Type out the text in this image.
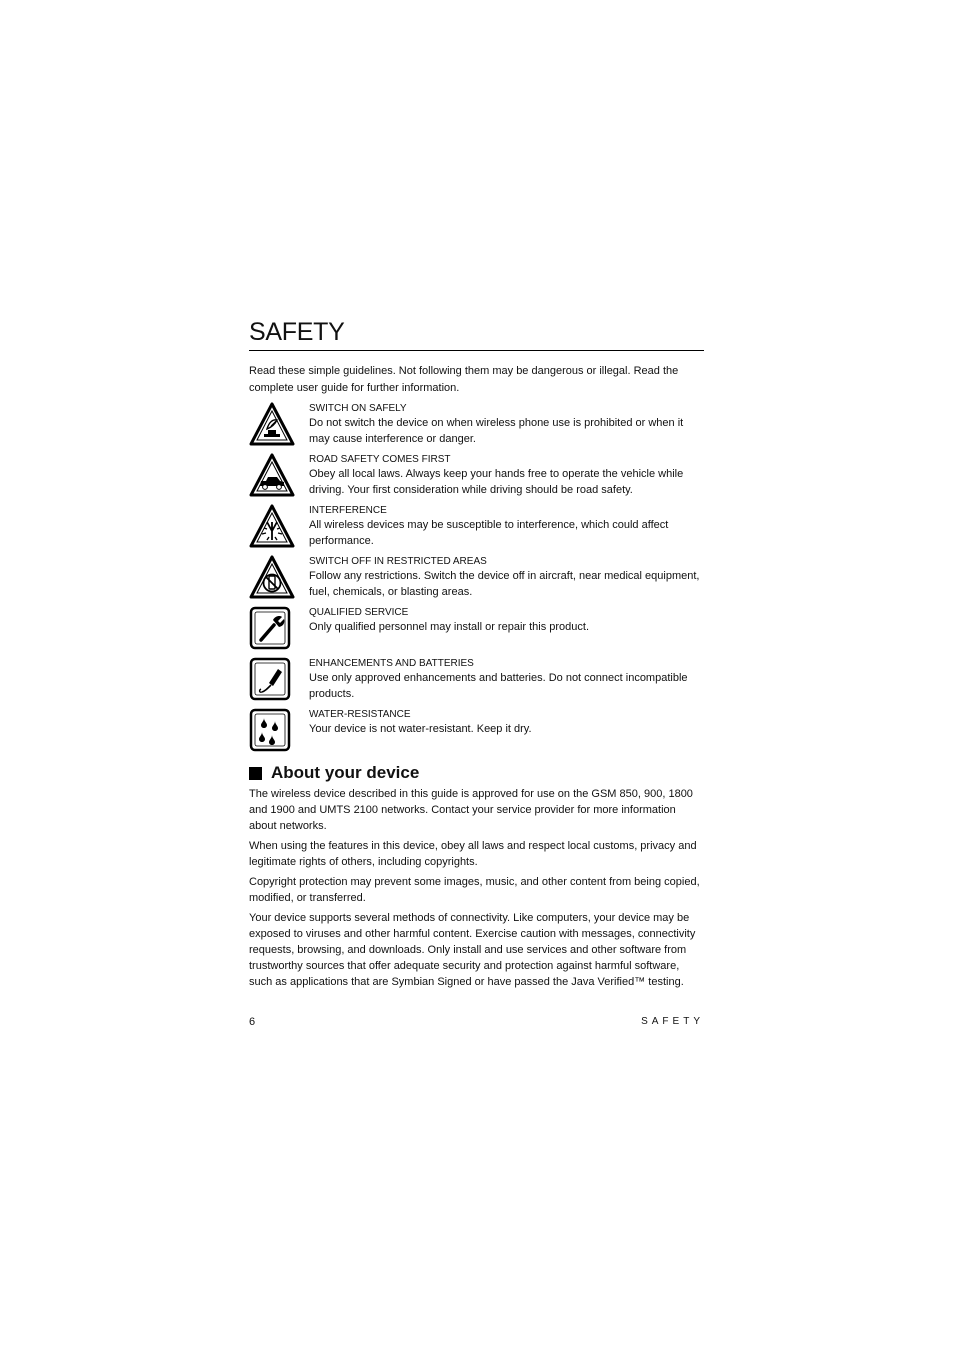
SAFETY

Read these simple guidelines. Not following them may be dangerous or illegal. Read the complete user guide for further information.

SWITCH ON SAFELY

Do not switch the device on when wireless phone use is prohibited or when it may cause interference or danger.

ROAD SAFETY COMES FIRST

Obey all local laws. Always keep your hands free to operate the vehicle while driving. Your first consideration while driving should be road safety.

INTERFERENCE

All wireless devices may be susceptible to interference, which could affect performance.

SWITCH OFF IN RESTRICTED AREAS

Follow any restrictions. Switch the device off in aircraft, near medical equipment, fuel, chemicals, or blasting areas.

QUALIFIED SERVICE

Only qualified personnel may install or repair this product.

ENHANCEMENTS AND BATTERIES

Use only approved enhancements and batteries. Do not connect incompatible products.

WATER-RESISTANCE

Your device is not water-resistant. Keep it dry.

About your device

The wireless device described in this guide is approved for use on the GSM 850, 900, 1800 and 1900 and UMTS 2100 networks. Contact your service provider for more information about networks.

When using the features in this device, obey all laws and respect local customs, privacy and legitimate rights of others, including copyrights.

Copyright protection may prevent some images, music, and other content from being copied, modified, or transferred.

Your device supports several methods of connectivity. Like computers, your device may be exposed to viruses and other harmful content. Exercise caution with messages, connectivity requests, browsing, and downloads. Only install and use services and other software from trustworthy sources that offer adequate security and protection against harmful software, such as applications that are Symbian Signed or have passed the Java Verified™ testing.

6	SAFETY
